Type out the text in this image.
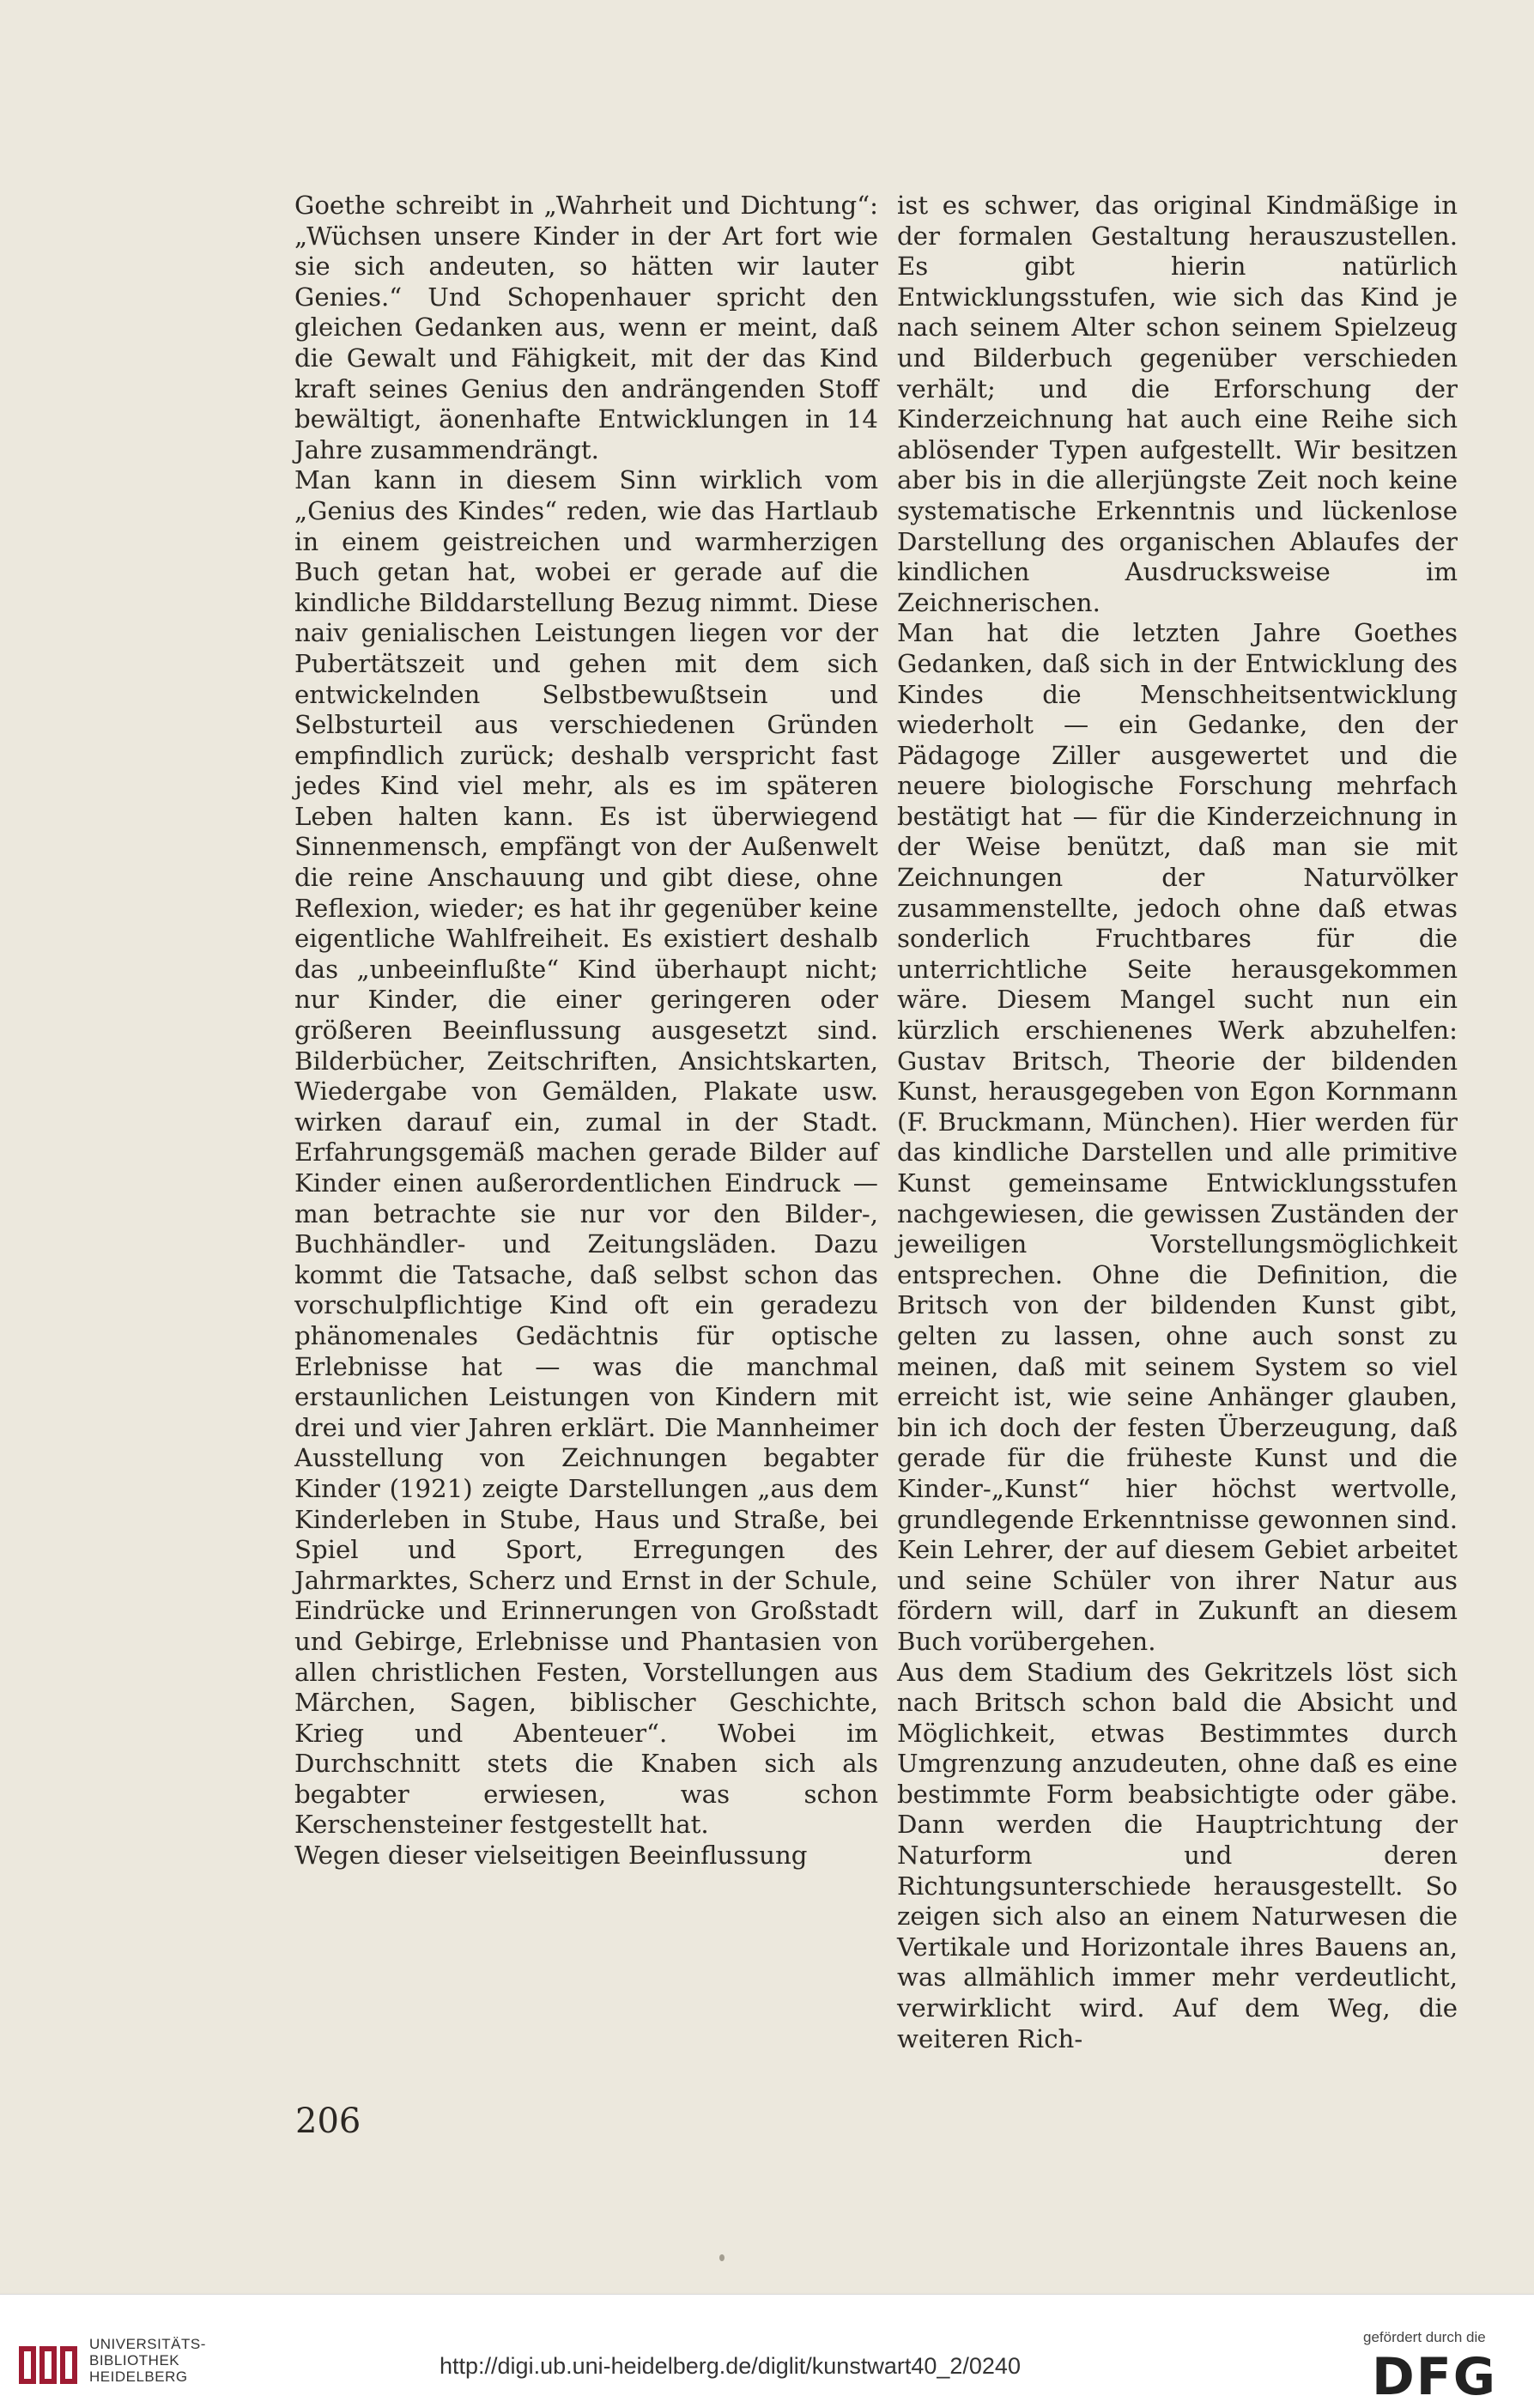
Goethe schreibt in „Wahrheit und Dichtung“: „Wüchsen unsere Kinder in der Art fort wie sie sich andeuten, so hätten wir lauter Genies.“ Und Schopenhauer spricht den gleichen Gedanken aus, wenn er meint, daß die Gewalt und Fähigkeit, mit der das Kind kraft seines Genius den andrängenden Stoff bewältigt, äonenhafte Entwicklungen in 14 Jahre zusammendrängt.

Man kann in diesem Sinn wirklich vom „Genius des Kindes“ reden, wie das Hartlaub in einem geistreichen und warmherzigen Buch getan hat, wobei er gerade auf die kindliche Bilddarstellung Bezug nimmt. Diese naiv genialischen Leistungen liegen vor der Pubertätszeit und gehen mit dem sich entwickelnden Selbstbewußtsein und Selbsturteil aus verschiedenen Gründen empfindlich zurück; deshalb verspricht fast jedes Kind viel mehr, als es im späteren Leben halten kann. Es ist überwiegend Sinnenmensch, empfängt von der Außenwelt die reine Anschauung und gibt diese, ohne Reflexion, wieder; es hat ihr gegenüber keine eigentliche Wahlfreiheit. Es existiert deshalb das „unbeeinflußte“ Kind überhaupt nicht; nur Kinder, die einer geringeren oder größeren Beeinflussung ausgesetzt sind. Bilderbücher, Zeitschriften, Ansichtskarten, Wiedergabe von Gemälden, Plakate usw. wirken darauf ein, zumal in der Stadt. Erfahrungsgemäß machen gerade Bilder auf Kinder einen außerordentlichen Eindruck — man betrachte sie nur vor den Bilder-, Buchhändler- und Zeitungsläden. Dazu kommt die Tatsache, daß selbst schon das vorschulpflichtige Kind oft ein geradezu phänomenales Gedächtnis für optische Erlebnisse hat — was die manchmal erstaunlichen Leistungen von Kindern mit drei und vier Jahren erklärt. Die Mannheimer Ausstellung von Zeichnungen begabter Kinder (1921) zeigte Darstellungen „aus dem Kinderleben in Stube, Haus und Straße, bei Spiel und Sport, Erregungen des Jahrmarktes, Scherz und Ernst in der Schule, Eindrücke und Erinnerungen von Großstadt und Gebirge, Erlebnisse und Phantasien von allen christlichen Festen, Vorstellungen aus Märchen, Sagen, biblischer Geschichte, Krieg und Abenteuer“. Wobei im Durchschnitt stets die Knaben sich als begabter erwiesen, was schon Kerschensteiner festgestellt hat.

Wegen dieser vielseitigen Beeinflussung

ist es schwer, das original Kindmäßige in der formalen Gestaltung herauszustellen. Es gibt hierin natürlich Entwicklungsstufen, wie sich das Kind je nach seinem Alter schon seinem Spielzeug und Bilderbuch gegenüber verschieden verhält; und die Erforschung der Kinderzeichnung hat auch eine Reihe sich ablösender Typen aufgestellt. Wir besitzen aber bis in die allerjüngste Zeit noch keine systematische Erkenntnis und lückenlose Darstellung des organischen Ablaufes der kindlichen Ausdrucksweise im Zeichnerischen.

Man hat die letzten Jahre Goethes Gedanken, daß sich in der Entwicklung des Kindes die Menschheitsentwicklung wiederholt — ein Gedanke, den der Pädagoge Ziller ausgewertet und die neuere biologische Forschung mehrfach bestätigt hat — für die Kinderzeichnung in der Weise benützt, daß man sie mit Zeichnungen der Naturvölker zusammenstellte, jedoch ohne daß etwas sonderlich Fruchtbares für die unterrichtliche Seite herausgekommen wäre. Diesem Mangel sucht nun ein kürzlich erschienenes Werk abzuhelfen: Gustav Britsch, Theorie der bildenden Kunst, herausgegeben von Egon Kornmann (F. Bruckmann, München). Hier werden für das kindliche Darstellen und alle primitive Kunst gemeinsame Entwicklungsstufen nachgewiesen, die gewissen Zuständen der jeweiligen Vorstellungsmöglichkeit entsprechen. Ohne die Definition, die Britsch von der bildenden Kunst gibt, gelten zu lassen, ohne auch sonst zu meinen, daß mit seinem System so viel erreicht ist, wie seine Anhänger glauben, bin ich doch der festen Überzeugung, daß gerade für die früheste Kunst und die Kinder-„Kunst“ hier höchst wertvolle, grundlegende Erkenntnisse gewonnen sind. Kein Lehrer, der auf diesem Gebiet arbeitet und seine Schüler von ihrer Natur aus fördern will, darf in Zukunft an diesem Buch vorübergehen.

Aus dem Stadium des Gekritzels löst sich nach Britsch schon bald die Absicht und Möglichkeit, etwas Bestimmtes durch Umgrenzung anzudeuten, ohne daß es eine bestimmte Form beabsichtigte oder gäbe. Dann werden die Hauptrichtung der Naturform und deren Richtungsunterschiede herausgestellt. So zeigen sich also an einem Naturwesen die Vertikale und Horizontale ihres Bauens an, was allmählich immer mehr verdeutlicht, verwirklicht wird. Auf dem Weg, die weiteren Rich-

206
UNIVERSITÄTS-
BIBLIOTHEK
HEIDELBERG	http://digi.ub.uni-heidelberg.de/diglit/kunstwart40_2/0240
gefördert durch die
DFG
